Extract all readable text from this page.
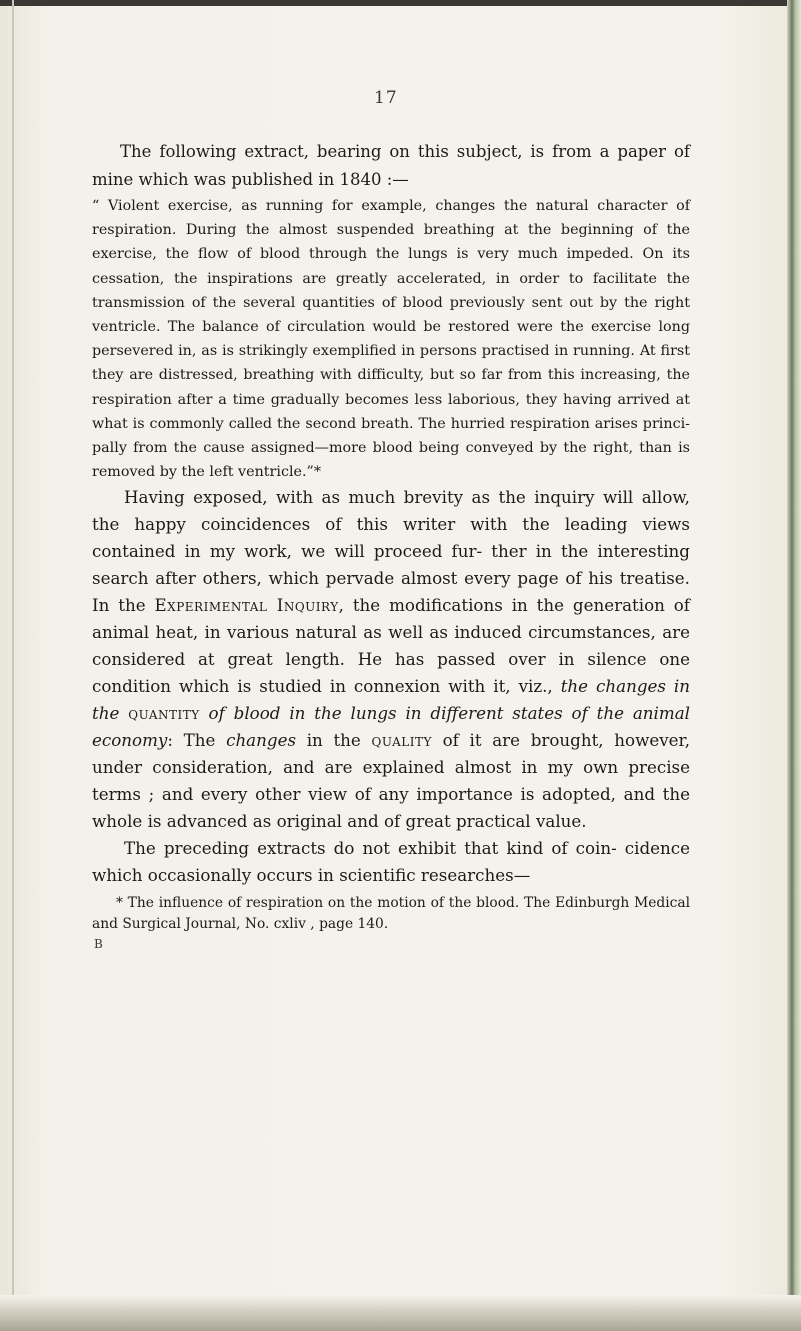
17

The following extract, bearing on this subject, is from a paper of mine which was published in 1840 :—

“ Violent exercise, as running for example, changes the natural character of respiration. During the almost suspended breathing at the beginning of the exercise, the flow of blood through the lungs is very much impeded. On its cessation, the inspirations are greatly accelerated, in order to facilitate the transmission of the several quantities of blood previously sent out by the right ventricle. The balance of circulation would be restored were the exercise long persevered in, as is strikingly exemplified in persons practised in running. At first they are distressed, breathing with difficulty, but so far from this increasing, the respiration after a time gradually becomes less laborious, they having arrived at what is commonly called the second breath. The hurried respiration arises princi- pally from the cause assigned—more blood being conveyed by the right, than is removed by the left ventricle.”*

Having exposed, with as much brevity as the inquiry will allow, the happy coincidences of this writer with the leading views contained in my work, we will proceed fur- ther in the interesting search after others, which pervade almost every page of his treatise. In the Experimental Inquiry, the modifications in the generation of animal heat, in various natural as well as induced circumstances, are considered at great length. He has passed over in silence one condition which is studied in connexion with it, viz., the changes in the quantity of blood in the lungs in different states of the animal economy: The changes in the quality of it are brought, however, under consideration, and are explained almost in my own precise terms ; and every other view of any importance is adopted, and the whole is advanced as original and of great practical value.

The preceding extracts do not exhibit that kind of coin- cidence which occasionally occurs in scientific researches—

* The influence of respiration on the motion of the blood. The Edinburgh Medical and Surgical Journal, No. cxliv , page 140.

B
